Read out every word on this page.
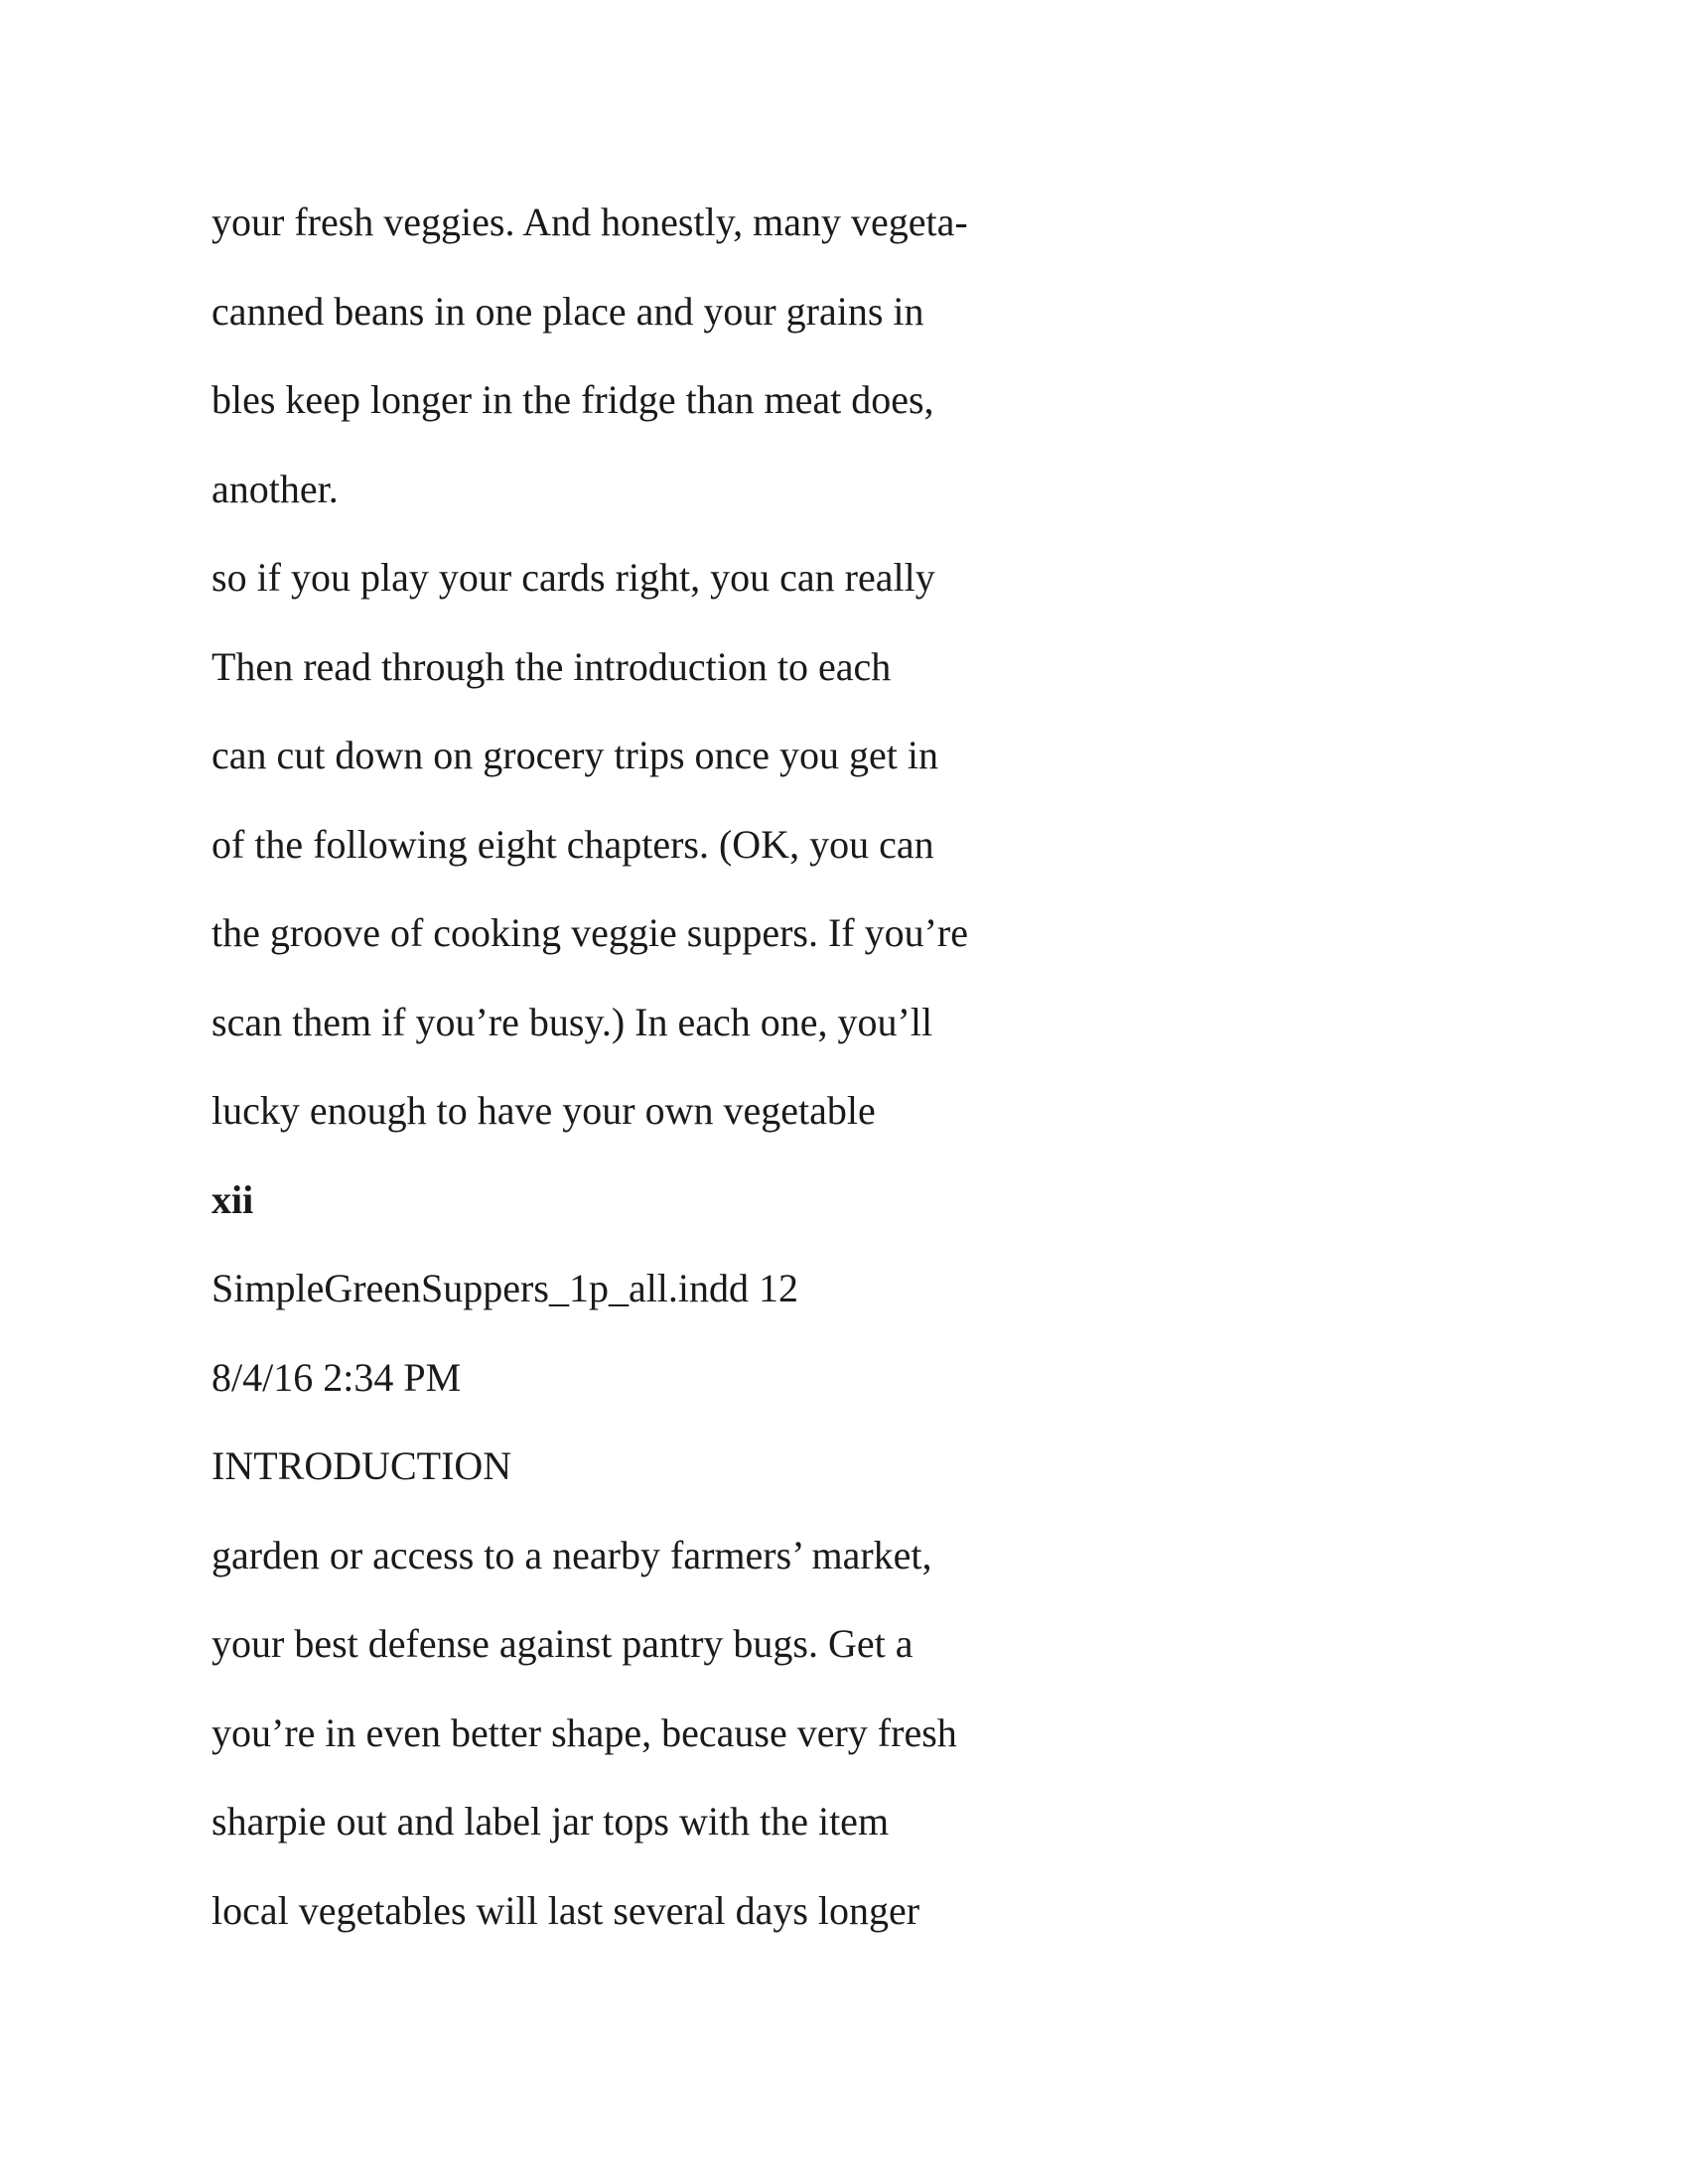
your fresh veggies. And honestly, many vegeta-
canned beans in one place and your grains in
bles keep longer in the fridge than meat does,
another.
so if you play your cards right, you can really
Then read through the introduction to each
can cut down on grocery trips once you get in
of the following eight chapters. (OK, you can
the groove of cooking veggie suppers. If you’re
scan them if you’re busy.) In each one, you’ll
lucky enough to have your own vegetable
xii
SimpleGreenSuppers_1p_all.indd 12
8/4/16 2:34 PM
INTRODUCTION
garden or access to a nearby farmers’ market,
your best defense against pantry bugs. Get a
you’re in even better shape, because very fresh
sharpie out and label jar tops with the item
local vegetables will last several days longer
